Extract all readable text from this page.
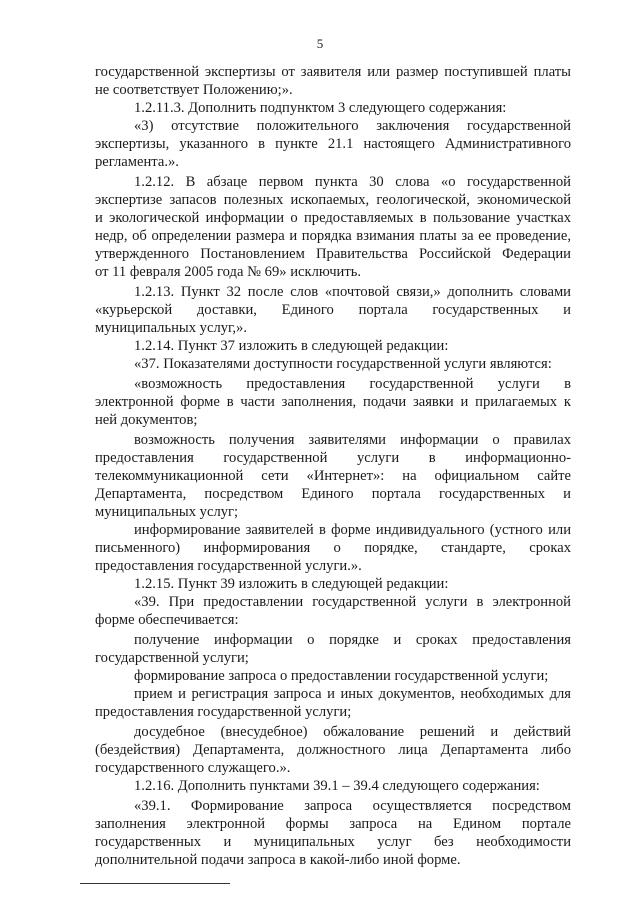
5
государственной экспертизы от заявителя или размер поступившей платы
не соответствует Положению;».
1.2.11.3. Дополнить подпунктом 3 следующего содержания:
«3) отсутствие положительного заключения государственной
экспертизы, указанного в пункте 21.1 настоящего Административного
регламента.».
1.2.12. В абзаце первом пункта 30 слова «о государственной
экспертизе запасов полезных ископаемых, геологической, экономической
и экологической информации о предоставляемых в пользование участках
недр, об определении размера и порядка взимания платы за ее проведение,
утвержденного Постановлением Правительства Российской Федерации
от 11 февраля 2005 года № 69» исключить.
1.2.13. Пункт 32 после слов «почтовой связи,» дополнить словами
«курьерской доставки, Единого портала государственных и
муниципальных услуг,».
1.2.14. Пункт 37 изложить в следующей редакции:
«37. Показателями доступности государственной услуги являются:
«возможность предоставления государственной услуги в
электронной форме в части заполнения, подачи заявки и прилагаемых к
ней документов;
возможность получения заявителями информации о правилах
предоставления государственной услуги в информационно-
телекоммуникационной сети «Интернет»: на официальном сайте
Департамента, посредством Единого портала государственных и
муниципальных услуг;
информирование заявителей в форме индивидуального (устного или
письменного) информирования о порядке, стандарте, сроках
предоставления государственной услуги.».
1.2.15. Пункт 39 изложить в следующей редакции:
«39. При предоставлении государственной услуги в электронной
форме обеспечивается:
получение информации о порядке и сроках предоставления
государственной услуги;
формирование запроса о предоставлении государственной услуги;
прием и регистрация запроса и иных документов, необходимых для
предоставления государственной услуги;
досудебное (внесудебное) обжалование решений и действий
(бездействия) Департамента, должностного лица Департамента либо
государственного служащего.».
1.2.16. Дополнить пунктами 39.1 – 39.4 следующего содержания:
«39.1. Формирование запроса осуществляется посредством
заполнения электронной формы запроса на Едином портале
государственных и муниципальных услуг без необходимости
дополнительной подачи запроса в какой-либо иной форме.
